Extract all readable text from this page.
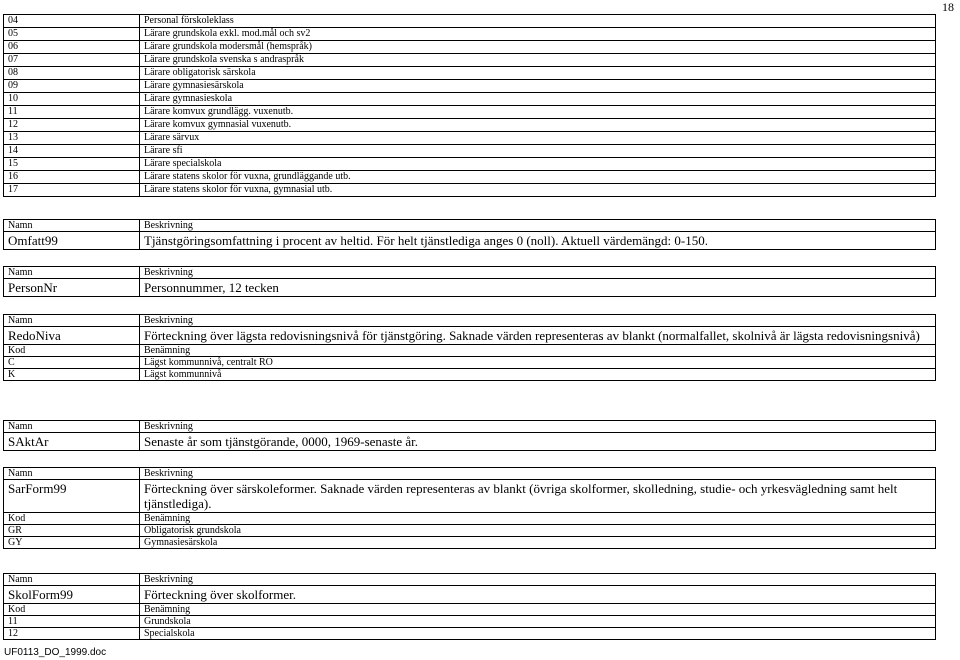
18
04	Personal förskoleklass
05	Lärare grundskola exkl. mod.mål och sv2
06	Lärare grundskola modersmål (hemspråk)
07	Lärare grundskola svenska s andraspråk
08	Lärare obligatorisk särskola
09	Lärare gymnasiesärskola
10	Lärare gymnasieskola
11	Lärare komvux grundlägg. vuxenutb.
12	Lärare komvux gymnasial vuxenutb.
13	Lärare särvux
14	Lärare sfi
15	Lärare specialskola
16	Lärare statens skolor för vuxna, grundläggande utb.
17	Lärare statens skolor för vuxna, gymnasial utb.
Namn	Beskrivning
Omfatt99	Tjänstgöringsomfattning i procent av heltid. För helt tjänstlediga anges 0 (noll). Aktuell värdemängd: 0-150.
Namn	Beskrivning
PersonNr	Personnummer, 12 tecken
Namn	Beskrivning
RedoNiva	Förteckning över lägsta redovisningsnivå för tjänstgöring. Saknade värden representeras av blankt (normalfallet, skolnivå är lägsta redovisningsnivå)
Kod	Benämning
C	Lägst kommunnivå, centralt RO
K	Lägst kommunnivå
Namn	Beskrivning
SAktAr	Senaste år som tjänstgörande, 0000, 1969-senaste år.
Namn	Beskrivning
SarForm99	Förteckning över särskoleformer. Saknade värden representeras av blankt (övriga skolformer, skolledning, studie- och yrkesvägledning samt helt tjänstlediga).
Kod	Benämning
GR	Obligatorisk grundskola
GY	Gymnasiesärskola
Namn	Beskrivning
SkolForm99	Förteckning över skolformer.
Kod	Benämning
11	Grundskola
12	Specialskola
UF0113_DO_1999.doc
